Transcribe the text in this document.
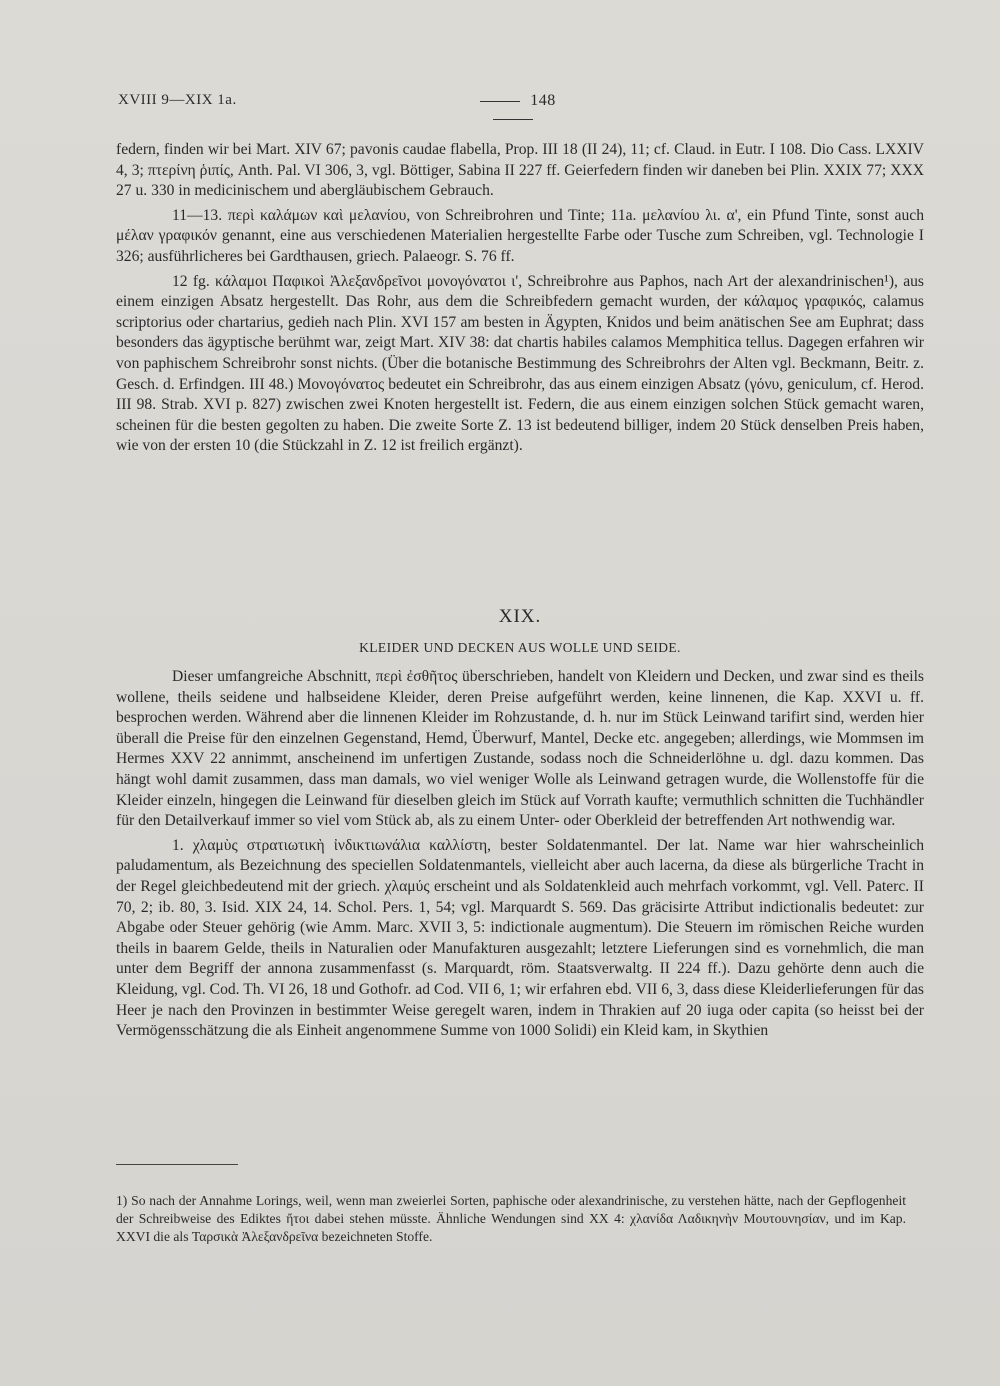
XVIII 9—XIX 1a.	148

federn, finden wir bei Mart. XIV 67; pavonis caudae flabella, Prop. III 18 (II 24), 11; cf. Claud. in Eutr. I 108. Dio Cass. LXXIV 4, 3; πτερίνη ῥιπίς, Anth. Pal. VI 306, 3, vgl. Böttiger, Sabina II 227 ff. Geierfedern finden wir daneben bei Plin. XXIX 77; XXX 27 u. 330 in medicinischem und abergläubischem Gebrauch.

11—13. περὶ καλάμων καὶ μελανίου, von Schreibrohren und Tinte; 11a. μελανίου λι. α', ein Pfund Tinte, sonst auch μέλαν γραφικόν genannt, eine aus verschiedenen Materialien hergestellte Farbe oder Tusche zum Schreiben, vgl. Technologie I 326; ausführlicheres bei Gardthausen, griech. Palaeogr. S. 76 ff.

12 fg. κάλαμοι Παφικοὶ Ἀλεξανδρεῖνοι μονογόνατοι ι', Schreibrohre aus Paphos, nach Art der alexandrinischen¹), aus einem einzigen Absatz hergestellt. Das Rohr, aus dem die Schreibfedern gemacht wurden, der κάλαμος γραφικός, calamus scriptorius oder chartarius, gedieh nach Plin. XVI 157 am besten in Ägypten, Knidos und beim anätischen See am Euphrat; dass besonders das ägyptische berühmt war, zeigt Mart. XIV 38: dat chartis habiles calamos Memphitica tellus. Dagegen erfahren wir von paphischem Schreibrohr sonst nichts. (Über die botanische Bestimmung des Schreibrohrs der Alten vgl. Beckmann, Beitr. z. Gesch. d. Erfindgen. III 48.) Μονογόνατος bedeutet ein Schreibrohr, das aus einem einzigen Absatz (γόνυ, geniculum, cf. Herod. III 98. Strab. XVI p. 827) zwischen zwei Knoten hergestellt ist. Federn, die aus einem einzigen solchen Stück gemacht waren, scheinen für die besten gegolten zu haben. Die zweite Sorte Z. 13 ist bedeutend billiger, indem 20 Stück denselben Preis haben, wie von der ersten 10 (die Stückzahl in Z. 12 ist freilich ergänzt).

XIX.
KLEIDER UND DECKEN AUS WOLLE UND SEIDE.

Dieser umfangreiche Abschnitt, περὶ ἐσθῆτος überschrieben, handelt von Kleidern und Decken, und zwar sind es theils wollene, theils seidene und halbseidene Kleider, deren Preise aufgeführt werden, keine linnenen, die Kap. XXVI u. ff. besprochen werden. Während aber die linnenen Kleider im Rohzustande, d. h. nur im Stück Leinwand tarifirt sind, werden hier überall die Preise für den einzelnen Gegenstand, Hemd, Überwurf, Mantel, Decke etc. angegeben; allerdings, wie Mommsen im Hermes XXV 22 annimmt, anscheinend im unfertigen Zustande, sodass noch die Schneiderlöhne u. dgl. dazu kommen. Das hängt wohl damit zusammen, dass man damals, wo viel weniger Wolle als Leinwand getragen wurde, die Wollenstoffe für die Kleider einzeln, hingegen die Leinwand für dieselben gleich im Stück auf Vorrath kaufte; vermuthlich schnitten die Tuchhändler für den Detailverkauf immer so viel vom Stück ab, als zu einem Unter- oder Oberkleid der betreffenden Art nothwendig war.

1. χλαμὺς στρατιωτικὴ ἰνδικτιωνάλια καλλίστη, bester Soldatenmantel. Der lat. Name war hier wahrscheinlich paludamentum, als Bezeichnung des speciellen Soldatenmantels, vielleicht aber auch lacerna, da diese als bürgerliche Tracht in der Regel gleichbedeutend mit der griech. χλαμύς erscheint und als Soldatenkleid auch mehrfach vorkommt, vgl. Vell. Paterc. II 70, 2; ib. 80, 3. Isid. XIX 24, 14. Schol. Pers. 1, 54; vgl. Marquardt S. 569. Das gräcisirte Attribut indictionalis bedeutet: zur Abgabe oder Steuer gehörig (wie Amm. Marc. XVII 3, 5: indictionale augmentum). Die Steuern im römischen Reiche wurden theils in baarem Gelde, theils in Naturalien oder Manufakturen ausgezahlt; letztere Lieferungen sind es vornehmlich, die man unter dem Begriff der annona zusammenfasst (s. Marquardt, röm. Staatsverwaltg. II 224 ff.). Dazu gehörte denn auch die Kleidung, vgl. Cod. Th. VI 26, 18 und Gothofr. ad Cod. VII 6, 1; wir erfahren ebd. VII 6, 3, dass diese Kleiderlieferungen für das Heer je nach den Provinzen in bestimmter Weise geregelt waren, indem in Thrakien auf 20 iuga oder capita (so heisst bei der Vermögensschätzung die als Einheit angenommene Summe von 1000 Solidi) ein Kleid kam, in Skythien

1) So nach der Annahme Lorings, weil, wenn man zweierlei Sorten, paphische oder alexandrinische, zu verstehen hätte, nach der Gepflogenheit der Schreibweise des Ediktes ἤτοι dabei stehen müsste. Ähnliche Wendungen sind XX 4: χλανίδα Λαδικηνὴν Μουτουνησίαν, und im Kap. XXVI die als Ταρσικὰ Ἀλεξανδρεῖνα bezeichneten Stoffe.
